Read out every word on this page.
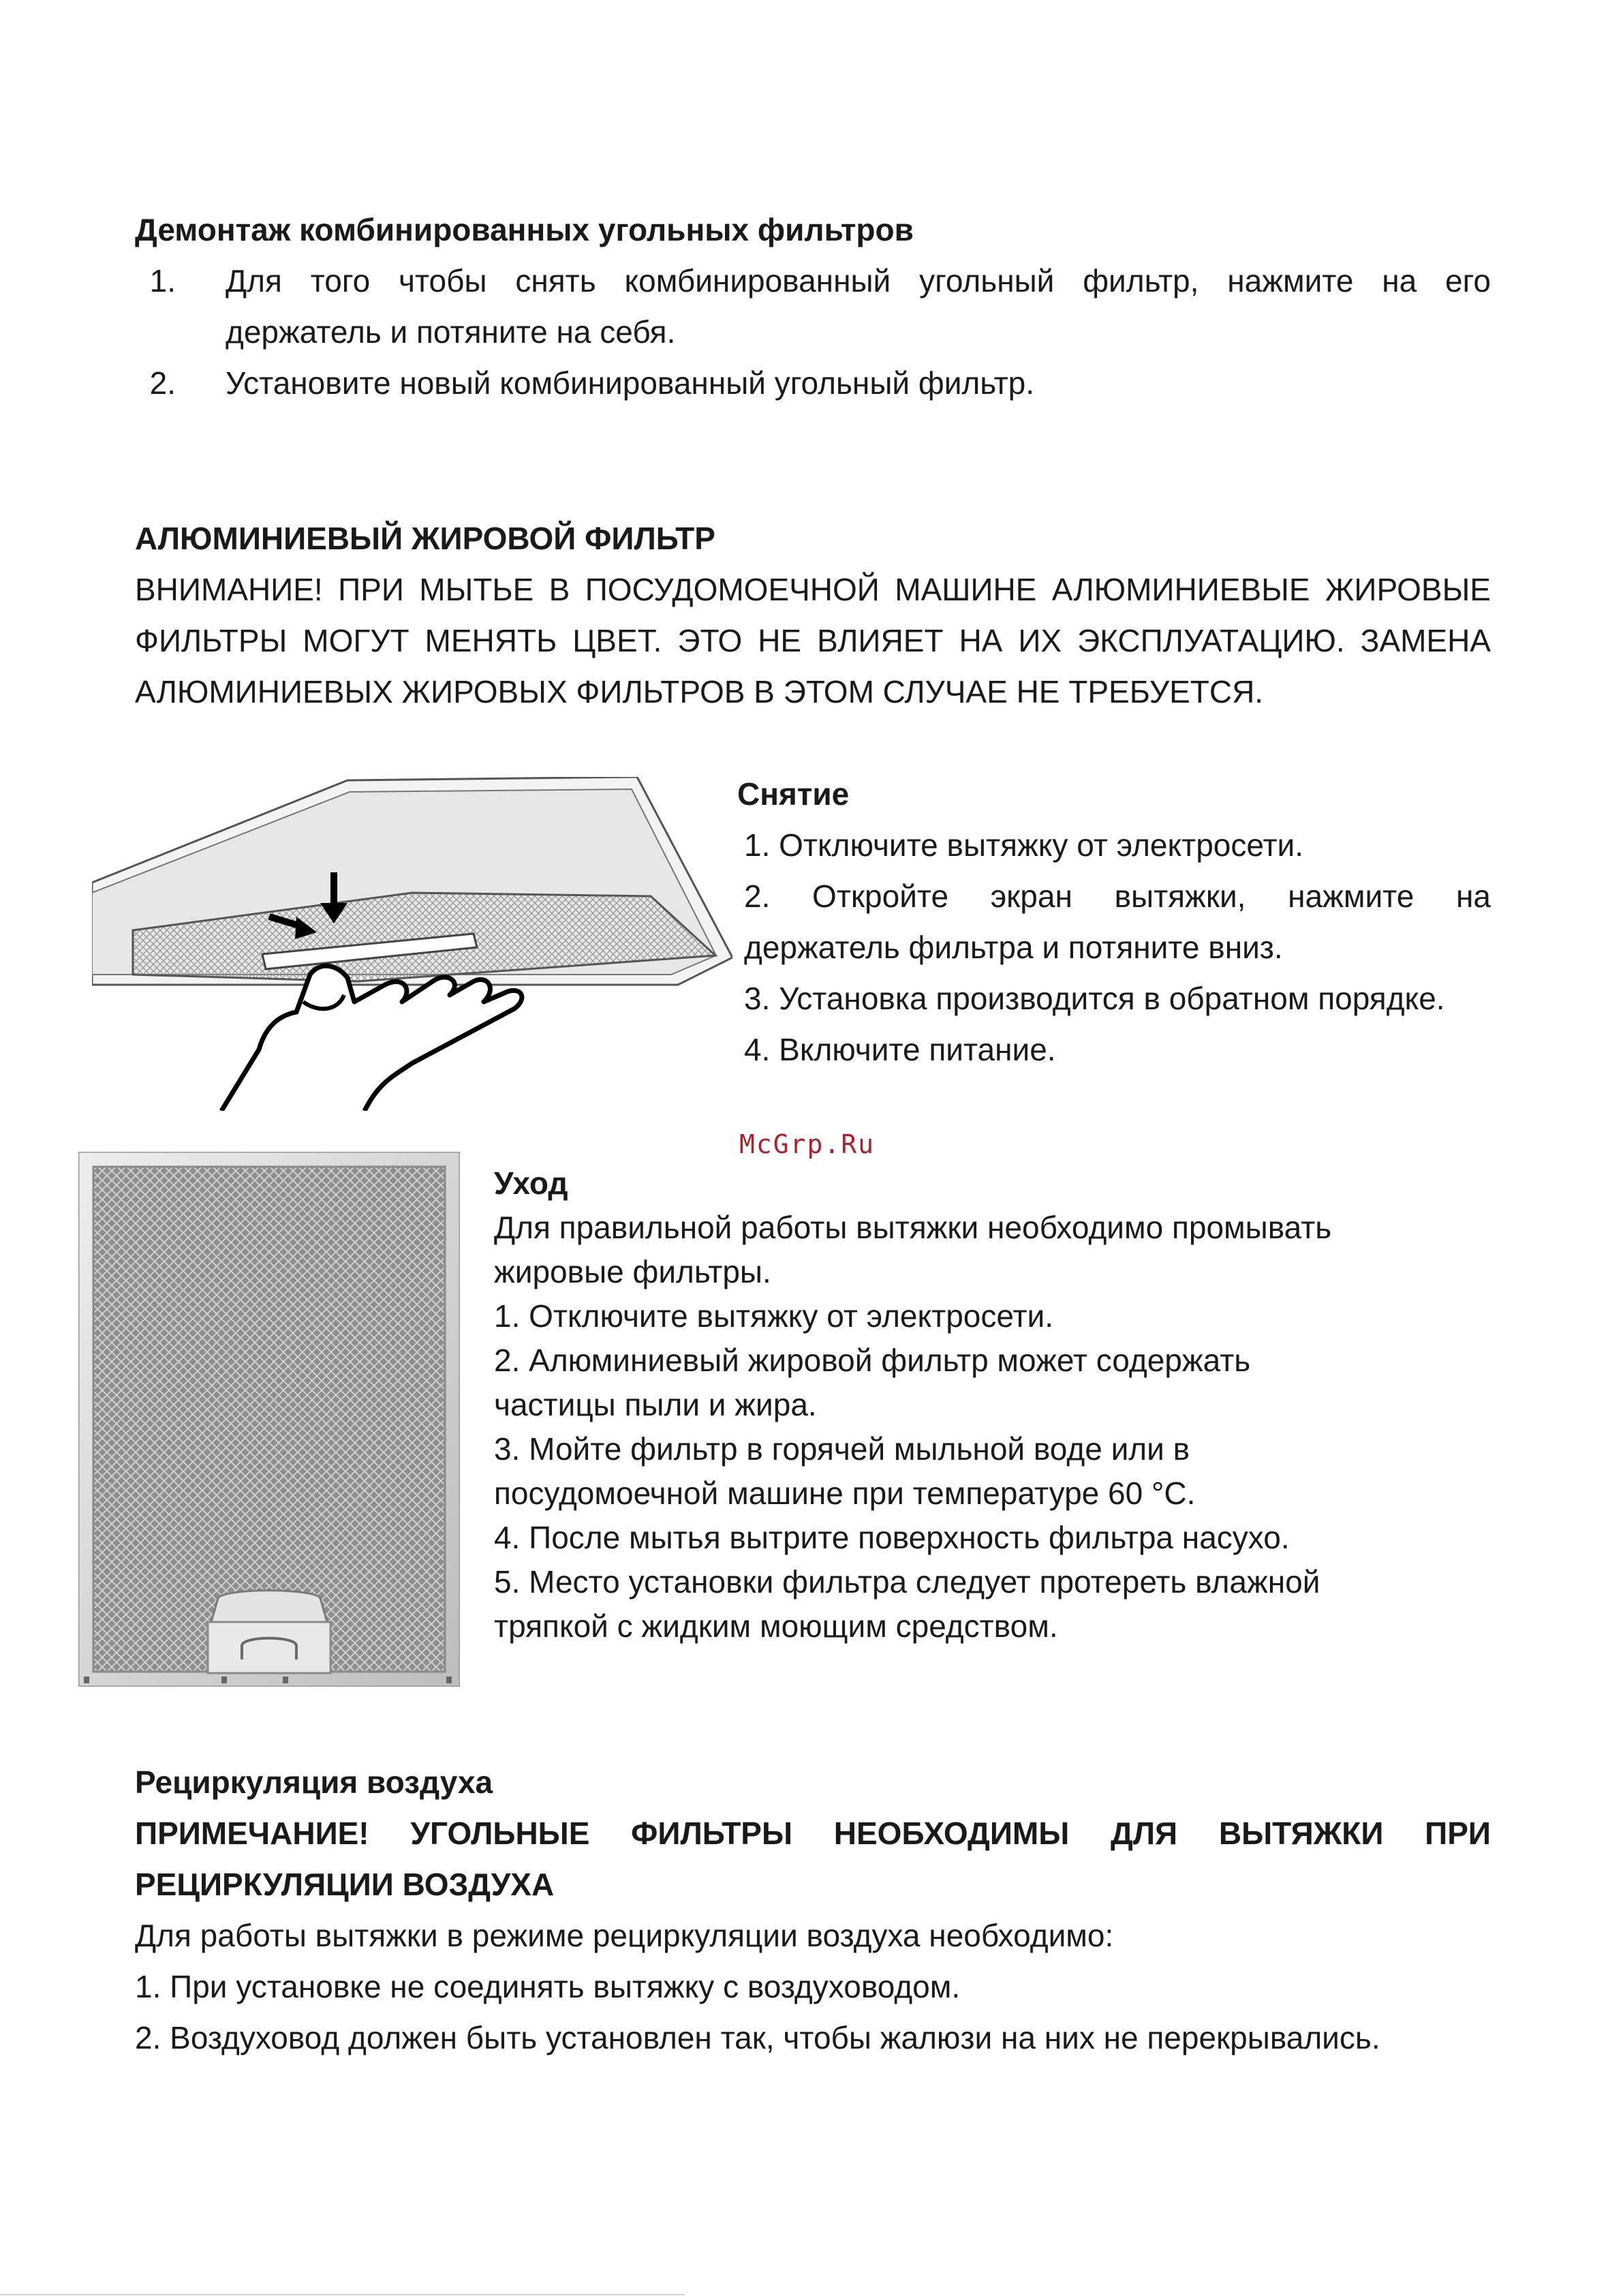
Демонтаж комбинированных угольных фильтров
1. Для того чтобы снять комбинированный угольный фильтр, нажмите на его
держатель и потяните на себя.
2. Установите новый комбинированный угольный фильтр.
АЛЮМИНИЕВЫЙ ЖИРОВОЙ ФИЛЬТР
ВНИМАНИЕ! ПРИ МЫТЬЕ В ПОСУДОМОЕЧНОЙ МАШИНЕ АЛЮМИНИЕВЫЕ ЖИРОВЫЕ
ФИЛЬТРЫ МОГУТ МЕНЯТЬ ЦВЕТ. ЭТО НЕ ВЛИЯЕТ НА ИХ ЭКСПЛУАТАЦИЮ. ЗАМЕНА
АЛЮМИНИЕВЫХ ЖИРОВЫХ ФИЛЬТРОВ В ЭТОМ СЛУЧАЕ НЕ ТРЕБУЕТСЯ.
Снятие
1. Отключите вытяжку от электросети.
2. Откройте экран вытяжки, нажмите на
держатель фильтра и потяните вниз.
3. Установка производится в обратном порядке.
4. Включите питание.
McGrp.Ru
Уход
Для правильной работы вытяжки необходимо промывать
жировые фильтры.
1. Отключите вытяжку от электросети.
2. Алюминиевый жировой фильтр может содержать
частицы пыли и жира.
3. Мойте фильтр в горячей мыльной воде или в
посудомоечной машине при температуре 60 °C.
4. После мытья вытрите поверхность фильтра насухо.
5. Место установки фильтра следует протереть влажной
тряпкой с жидким моющим средством.
Рециркуляция воздуха
ПРИМЕЧАНИЕ! УГОЛЬНЫЕ ФИЛЬТРЫ НЕОБХОДИМЫ ДЛЯ ВЫТЯЖКИ ПРИ
РЕЦИРКУЛЯЦИИ ВОЗДУХА
Для работы вытяжки в режиме рециркуляции воздуха необходимо:
1. При установке не соединять вытяжку с воздуховодом.
2. Воздуховод должен быть установлен так, чтобы жалюзи на них не перекрывались.
